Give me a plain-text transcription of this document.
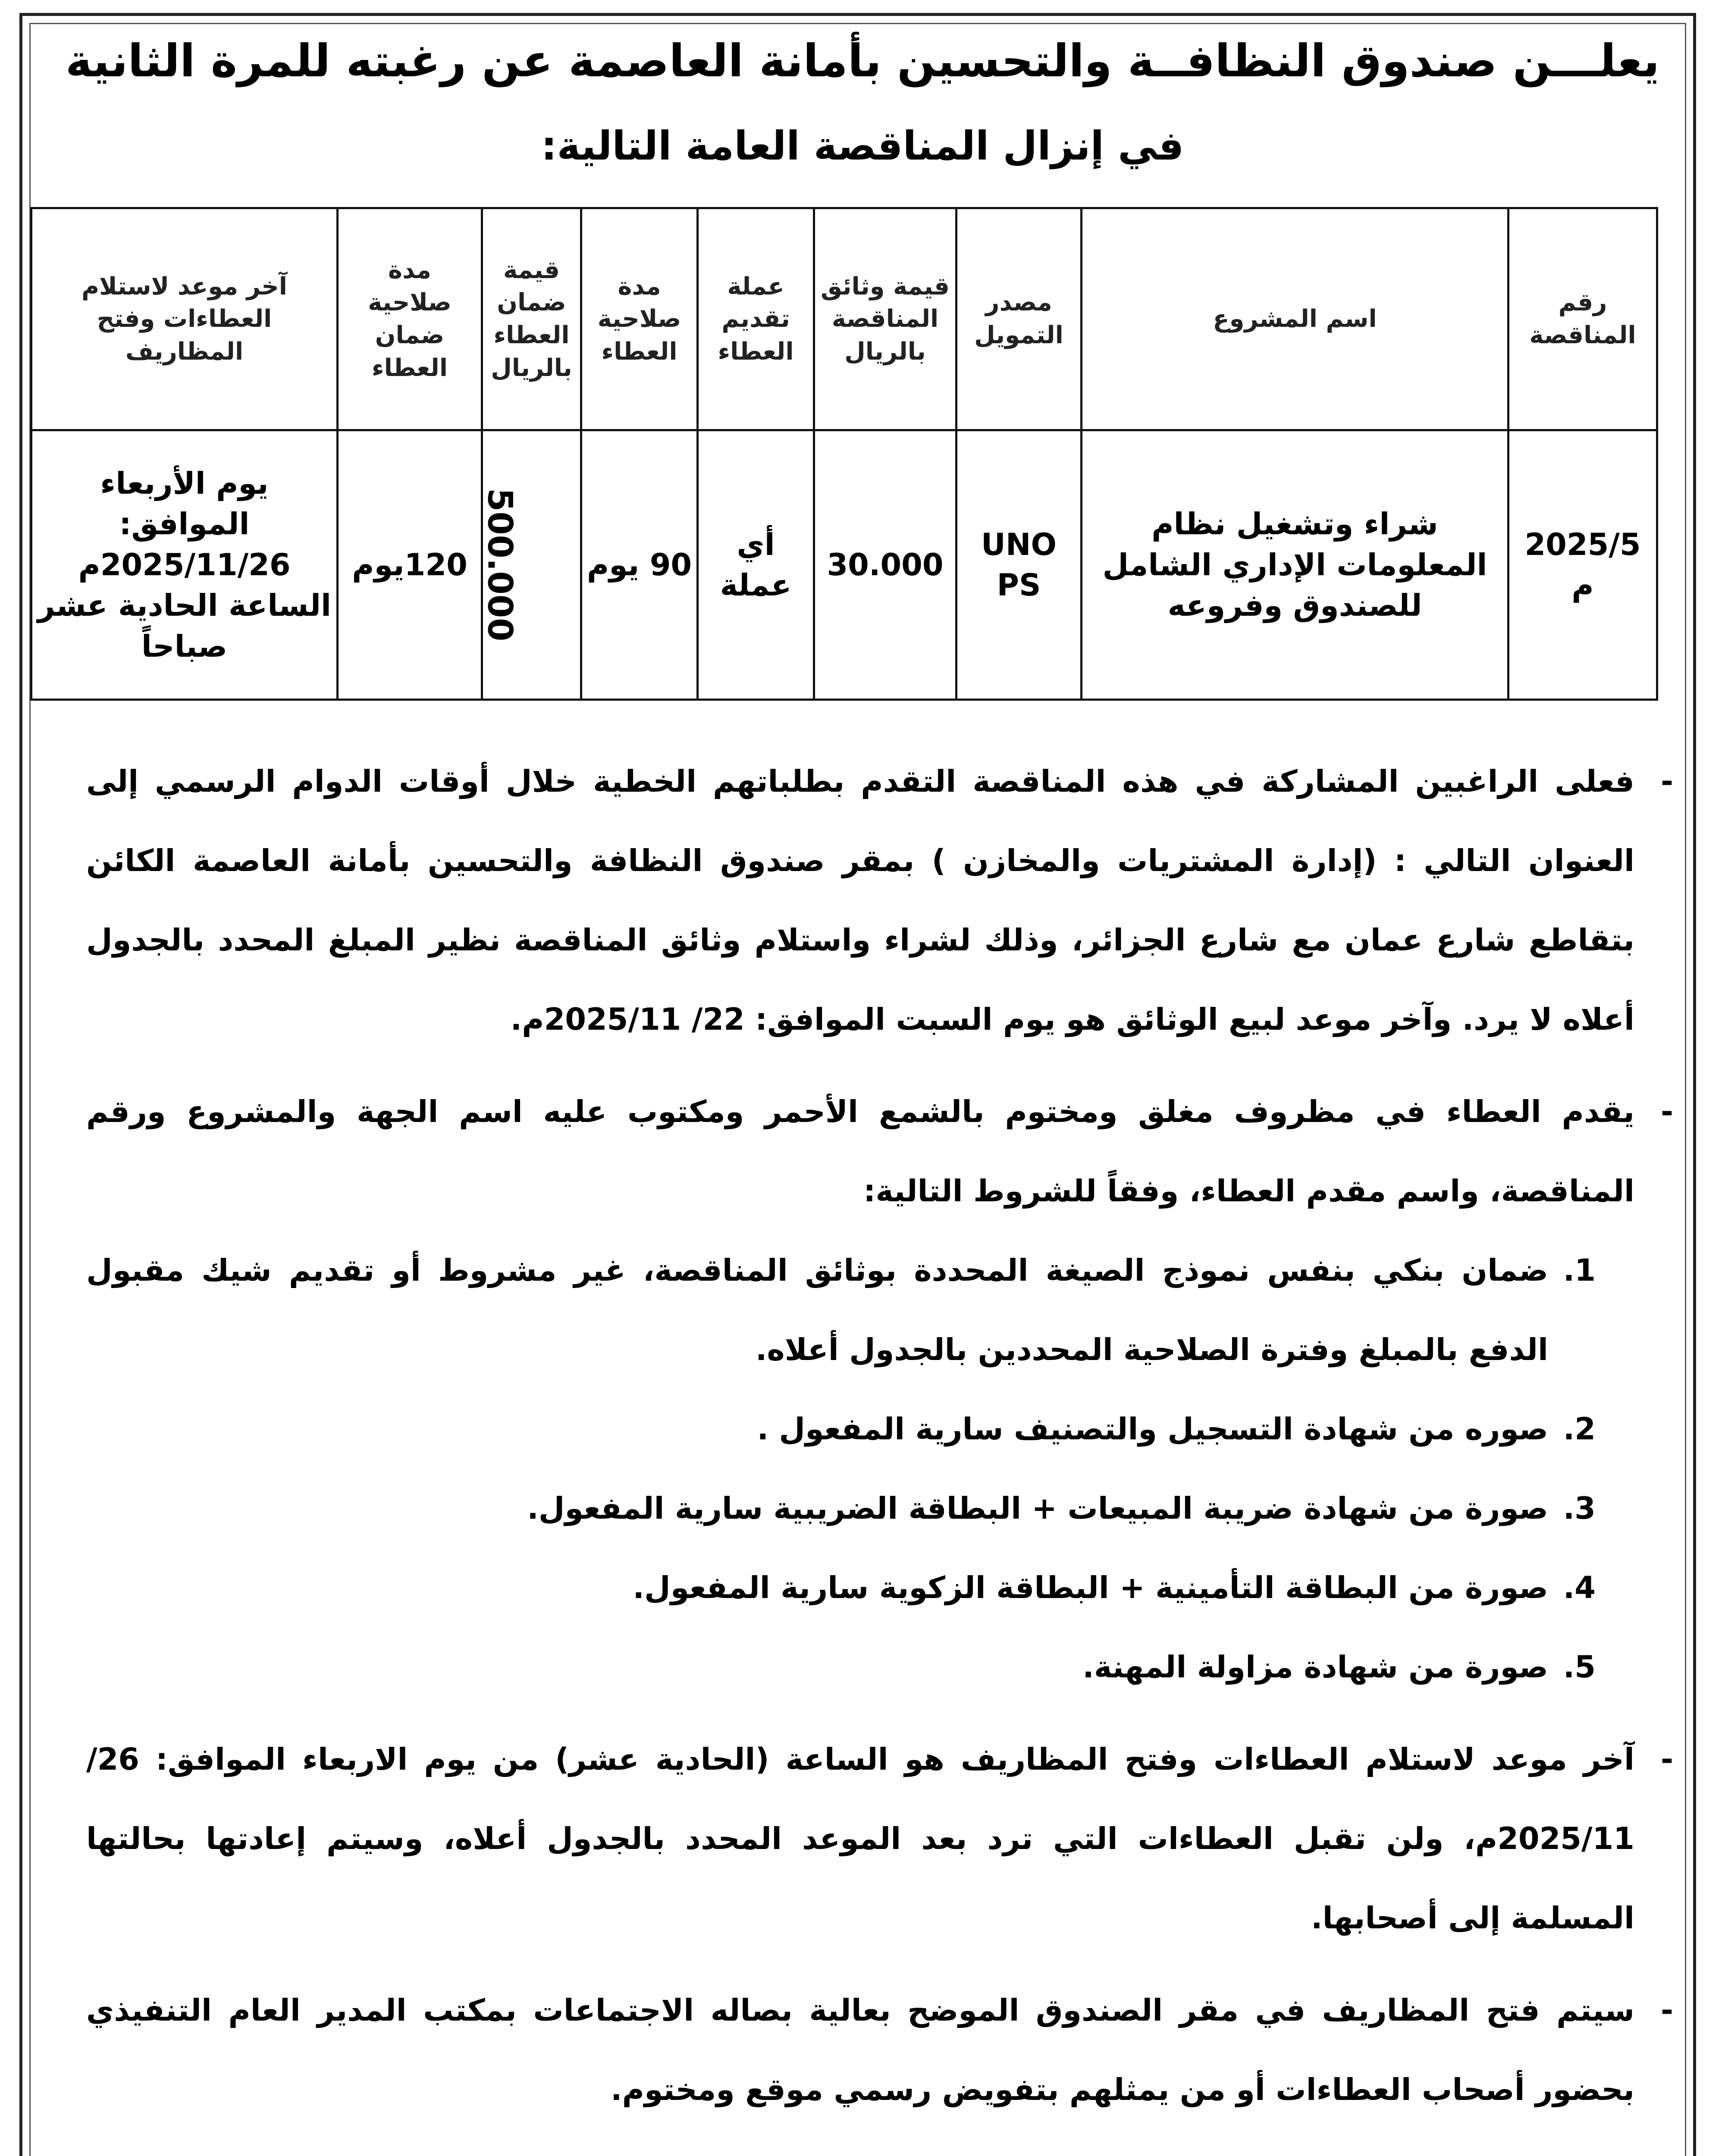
يعلـــن صندوق النظافــة والتحسين بأمانة العاصمة عن رغبته للمرة الثانية
في إنزال المناقصة العامة التالية:
رقم المناقصة	اسم المشروع	مصدر التمويل	قيمة وثائق المناقصة بالريال	عملة تقديم العطاء	مدة صلاحية العطاء	قيمة ضمان العطاء بالريال	مدة صلاحية ضمان العطاء	آخر موعد لاستلام العطاءات وفتح المظاريف
2025/5 م	شراء وتشغيل نظام المعلومات الإداري الشامل للصندوق وفروعه	UNO PS	30.000	أي عملة	90 يوم	500.000	120يوم	يوم الأربعاء الموافق: 2025/11/26م الساعة الحادية عشر صباحاً
-
فعلى الراغبين المشاركة في هذه المناقصة التقدم بطلباتهم الخطية خلال أوقات الدوام الرسمي إلى العنوان التالي : (إدارة المشتريات والمخازن ) بمقر صندوق النظافة والتحسين بأمانة العاصمة الكائن بتقاطع شارع عمان مع شارع الجزائر، وذلك لشراء واستلام وثائق المناقصة نظير المبلغ المحدد بالجدول أعلاه لا يرد. وآخر موعد لبيع الوثائق هو يوم السبت الموافق: 22/ 2025/11م.
-
يقدم العطاء في مظروف مغلق ومختوم بالشمع الأحمر ومكتوب عليه اسم الجهة والمشروع ورقم المناقصة، واسم مقدم العطاء، وفقاً للشروط التالية:
1.
ضمان بنكي بنفس نموذج الصيغة المحددة بوثائق المناقصة، غير مشروط أو تقديم شيك مقبول الدفع بالمبلغ وفترة الصلاحية المحددين بالجدول أعلاه.
2.
صوره من شهادة التسجيل والتصنيف سارية المفعول .
3.
صورة من شهادة ضريبة المبيعات + البطاقة الضريبية سارية المفعول.
4.
صورة من البطاقة التأمينية + البطاقة الزكوية سارية المفعول.
5.
صورة من شهادة مزاولة المهنة.
-
آخر موعد لاستلام العطاءات وفتح المظاريف هو الساعة (الحادية عشر) من يوم الاربعاء الموافق: 26/ 2025/11م، ولن تقبل العطاءات التي ترد بعد الموعد المحدد بالجدول أعلاه، وسيتم إعادتها بحالتها المسلمة إلى أصحابها.
-
سيتم فتح المظاريف في مقر الصندوق الموضح بعالية بصاله الاجتماعات بمكتب المدير العام التنفيذي بحضور أصحاب العطاءات أو من يمثلهم بتفويض رسمي موقع ومختوم.
